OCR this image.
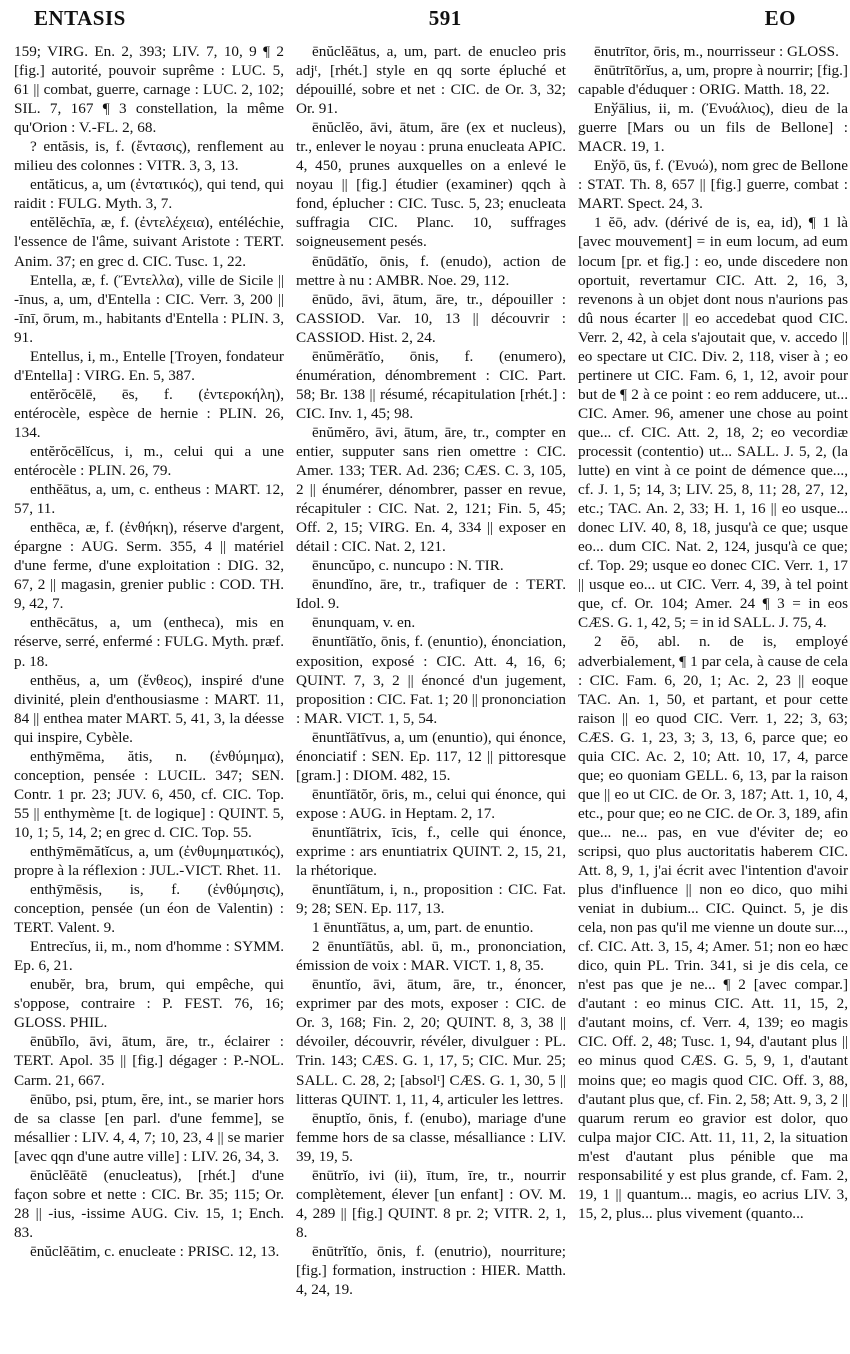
ENTASIS	591	EO

159; VIRG. En. 2, 393; LIV. 7, 10, 9 ¶ 2 [fig.] autorité, pouvoir suprême : LUC. 5, 61 || combat, guerre, carnage : LUC. 2, 102; SIL. 7, 167 ¶ 3 constellation, la même qu'Orion : V.-FL. 2, 68.

? entăsis, is, f. (ἔντασις), renflement au milieu des colonnes : VITR. 3, 3, 13.

entăticus, a, um (ἐντατικός), qui tend, qui raidit : FULG. Myth. 3, 7.

entĕlĕchīa, æ, f. (ἐντελέχεια), entéléchie, l'essence de l'âme, suivant Aristote : TERT. Anim. 37; en grec d. CIC. Tusc. 1, 22.

Entella, æ, f. (Ἔντελλα), ville de Sicile || -īnus, a, um, d'Entella : CIC. Verr. 3, 200 || -īnī, ōrum, m., habitants d'Entella : PLIN. 3, 91.

Entellus, i, m., Entelle [Troyen, fondateur d'Entella] : VIRG. En. 5, 387.

entĕrŏcēlē, ēs, f. (ἐντεροκήλη), entérocèle, espèce de hernie : PLIN. 26, 134.

entĕrŏcēlĭcus, i, m., celui qui a une entérocèle : PLIN. 26, 79.

enthĕātus, a, um, c. entheus : MART. 12, 57, 11.

enthēca, æ, f. (ἐνθήκη), réserve d'argent, épargne : AUG. Serm. 355, 4 || matériel d'une ferme, d'une exploitation : DIG. 32, 67, 2 || magasin, grenier public : COD. TH. 9, 42, 7.

enthēcātus, a, um (entheca), mis en réserve, serré, enfermé : FULG. Myth. præf. p. 18.

enthĕus, a, um (ἔνθεος), inspiré d'une divinité, plein d'enthousiasme : MART. 11, 84 || enthea mater MART. 5, 41, 3, la déesse qui inspire, Cybèle.

enthȳmēma, ătis, n. (ἐνθύμημα), conception, pensée : LUCIL. 347; SEN. Contr. 1 pr. 23; JUV. 6, 450, cf. CIC. Top. 55 || enthymème [t. de logique] : QUINT. 5, 10, 1; 5, 14, 2; en grec d. CIC. Top. 55.

enthȳmēmătĭcus, a, um (ἐνθυμηματικός), propre à la réflexion : JUL.-VICT. Rhet. 11.

enthȳmēsis, is, f. (ἐνθύμησις), conception, pensée (un éon de Valentin) : TERT. Valent. 9.

Entrecĭus, ii, m., nom d'homme : SYMM. Ep. 6, 21.

enubĕr, bra, brum, qui empêche, qui s'oppose, contraire : P. FEST. 76, 16; GLOSS. PHIL.

ēnūbĭlo, āvi, ātum, āre, tr., éclairer : TERT. Apol. 35 || [fig.] dégager : P.-NOL. Carm. 21, 667.

ēnūbo, psi, ptum, ĕre, int., se marier hors de sa classe [en parl. d'une femme], se mésallier : LIV. 4, 4, 7; 10, 23, 4 || se marier [avec qqn d'une autre ville] : LIV. 26, 34, 3.

ēnŭclĕātē (enucleatus), [rhét.] d'une façon sobre et nette : CIC. Br. 35; 115; Or. 28 || -ius, -issime AUG. Civ. 15, 1; Ench. 83.

ēnŭclĕātim, c. enucleate : PRISC. 12, 13.

ēnŭclĕātus, a, um, part. de enucleo pris adjᵗ, [rhét.] style en qq sorte épluché et dépouillé, sobre et net : CIC. de Or. 3, 32; Or. 91.

ēnŭclĕo, āvi, ātum, āre (ex et nucleus), tr., enlever le noyau : pruna enucleata APIC. 4, 450, prunes auxquelles on a enlevé le noyau || [fig.] étudier (examiner) qqch à fond, éplucher : CIC. Tusc. 5, 23; enucleata suffragia CIC. Planc. 10, suffrages soigneusement pesés.

ēnūdātĭo, ōnis, f. (enudo), action de mettre à nu : AMBR. Noe. 29, 112.

ēnūdo, āvi, ātum, āre, tr., dépouiller : CASSIOD. Var. 10, 13 || découvrir : CASSIOD. Hist. 2, 24.

ēnŭmĕrātĭo, ōnis, f. (enumero), énumération, dénombrement : CIC. Part. 58; Br. 138 || résumé, récapitulation [rhét.] : CIC. Inv. 1, 45; 98.

ēnŭmĕro, āvi, ātum, āre, tr., compter en entier, supputer sans rien omettre : CIC. Amer. 133; TER. Ad. 236; CÆS. C. 3, 105, 2 || énumérer, dénombrer, passer en revue, récapituler : CIC. Nat. 2, 121; Fin. 5, 45; Off. 2, 15; VIRG. En. 4, 334 || exposer en détail : CIC. Nat. 2, 121.

ēnuncŭpo, c. nuncupo : N. TIR.

ēnundĭno, āre, tr., trafiquer de : TERT. Idol. 9.

ēnunquam, v. en.

ēnuntĭātĭo, ōnis, f. (enuntio), énonciation, exposition, exposé : CIC. Att. 4, 16, 6; QUINT. 7, 3, 2 || énoncé d'un jugement, proposition : CIC. Fat. 1; 20 || prononciation : MAR. VICT. 1, 5, 54.

ēnuntĭātīvus, a, um (enuntio), qui énonce, énonciatif : SEN. Ep. 117, 12 || pittoresque [gram.] : DIOM. 482, 15.

ēnuntĭātŏr, ōris, m., celui qui énonce, qui expose : AUG. in Heptam. 2, 17.

ēnuntĭātrix, īcis, f., celle qui énonce, exprime : ars enuntiatrix QUINT. 2, 15, 21, la rhétorique.

ēnuntĭātum, i, n., proposition : CIC. Fat. 9; 28; SEN. Ep. 117, 13.

1 ēnuntĭātus, a, um, part. de enuntio.

2 ēnuntĭātŭs, abl. ū, m., prononciation, émission de voix : MAR. VICT. 1, 8, 35.

ēnuntĭo, āvi, ātum, āre, tr., énoncer, exprimer par des mots, exposer : CIC. de Or. 3, 168; Fin. 2, 20; QUINT. 8, 3, 38 || dévoiler, découvrir, révéler, divulguer : PL. Trin. 143; CÆS. G. 1, 17, 5; CIC. Mur. 25; SALL. C. 28, 2; [absolᵗ] CÆS. G. 1, 30, 5 || litteras QUINT. 1, 11, 4, articuler les lettres.

ēnuptĭo, ōnis, f. (enubo), mariage d'une femme hors de sa classe, mésalliance : LIV. 39, 19, 5.

ēnūtrĭo, ivi (ii), ītum, īre, tr., nourrir complètement, élever [un enfant] : OV. M. 4, 289 || [fig.] QUINT. 8 pr. 2; VITR. 2, 1, 8.

ēnūtrĭtĭo, ōnis, f. (enutrio), nourriture; [fig.] formation, instruction : HIER. Matth. 4, 24, 19.

ēnutrītor, ōris, m., nourrisseur : GLOSS.

ēnūtrītōrĭus, a, um, propre à nourrir; [fig.] capable d'éduquer : ORIG. Matth. 18, 22.

Enўālius, ii, m. (Ἐνυάλιος), dieu de la guerre [Mars ou un fils de Bellone] : MACR. 19, 1.

Enўō, ūs, f. (Ἐνυώ), nom grec de Bellone : STAT. Th. 8, 657 || [fig.] guerre, combat : MART. Spect. 24, 3.

1 ĕō, adv. (dérivé de is, ea, id), ¶ 1 là [avec mouvement] = in eum locum, ad eum locum [pr. et fig.] : eo, unde discedere non oportuit, revertamur CIC. Att. 2, 16, 3, revenons à un objet dont nous n'aurions pas dû nous écarter || eo accedebat quod CIC. Verr. 2, 42, à cela s'ajoutait que, v. accedo || eo spectare ut CIC. Div. 2, 118, viser à ; eo pertinere ut CIC. Fam. 6, 1, 12, avoir pour but de ¶ 2 à ce point : eo rem adducere, ut... CIC. Amer. 96, amener une chose au point que... cf. CIC. Att. 2, 18, 2; eo vecordiæ processit (contentio) ut... SALL. J. 5, 2, (la lutte) en vint à ce point de démence que..., cf. J. 1, 5; 14, 3; LIV. 25, 8, 11; 28, 27, 12, etc.; TAC. An. 2, 33; H. 1, 16 || eo usque... donec LIV. 40, 8, 18, jusqu'à ce que; usque eo... dum CIC. Nat. 2, 124, jusqu'à ce que; cf. Top. 29; usque eo donec CIC. Verr. 1, 17 || usque eo... ut CIC. Verr. 4, 39, à tel point que, cf. Or. 104; Amer. 24 ¶ 3 = in eos CÆS. G. 1, 42, 5; = in id SALL. J. 75, 4.

2 ĕō, abl. n. de is, employé adverbialement, ¶ 1 par cela, à cause de cela : CIC. Fam. 6, 20, 1; Ac. 2, 23 || eoque TAC. An. 1, 50, et partant, et pour cette raison || eo quod CIC. Verr. 1, 22; 3, 63; CÆS. G. 1, 23, 3; 3, 13, 6, parce que; eo quia CIC. Ac. 2, 10; Att. 10, 17, 4, parce que; eo quoniam GELL. 6, 13, par la raison que || eo ut CIC. de Or. 3, 187; Att. 1, 10, 4, etc., pour que; eo ne CIC. de Or. 3, 189, afin que... ne... pas, en vue d'éviter de; eo scripsi, quo plus auctoritatis haberem CIC. Att. 8, 9, 1, j'ai écrit avec l'intention d'avoir plus d'influence || non eo dico, quo mihi veniat in dubium... CIC. Quinct. 5, je dis cela, non pas qu'il me vienne un doute sur..., cf. CIC. Att. 3, 15, 4; Amer. 51; non eo hæc dico, quin PL. Trin. 341, si je dis cela, ce n'est pas que je ne... ¶ 2 [avec compar.] d'autant : eo minus CIC. Att. 11, 15, 2, d'autant moins, cf. Verr. 4, 139; eo magis CIC. Off. 2, 48; Tusc. 1, 94, d'autant plus || eo minus quod CÆS. G. 5, 9, 1, d'autant moins que; eo magis quod CIC. Off. 3, 88, d'autant plus que, cf. Fin. 2, 58; Att. 9, 3, 2 || quarum rerum eo gravior est dolor, quo culpa major CIC. Att. 11, 11, 2, la situation m'est d'autant plus pénible que ma responsabilité y est plus grande, cf. Fam. 2, 19, 1 || quantum... magis, eo acrius LIV. 3, 15, 2, plus... plus vivement (quanto...
